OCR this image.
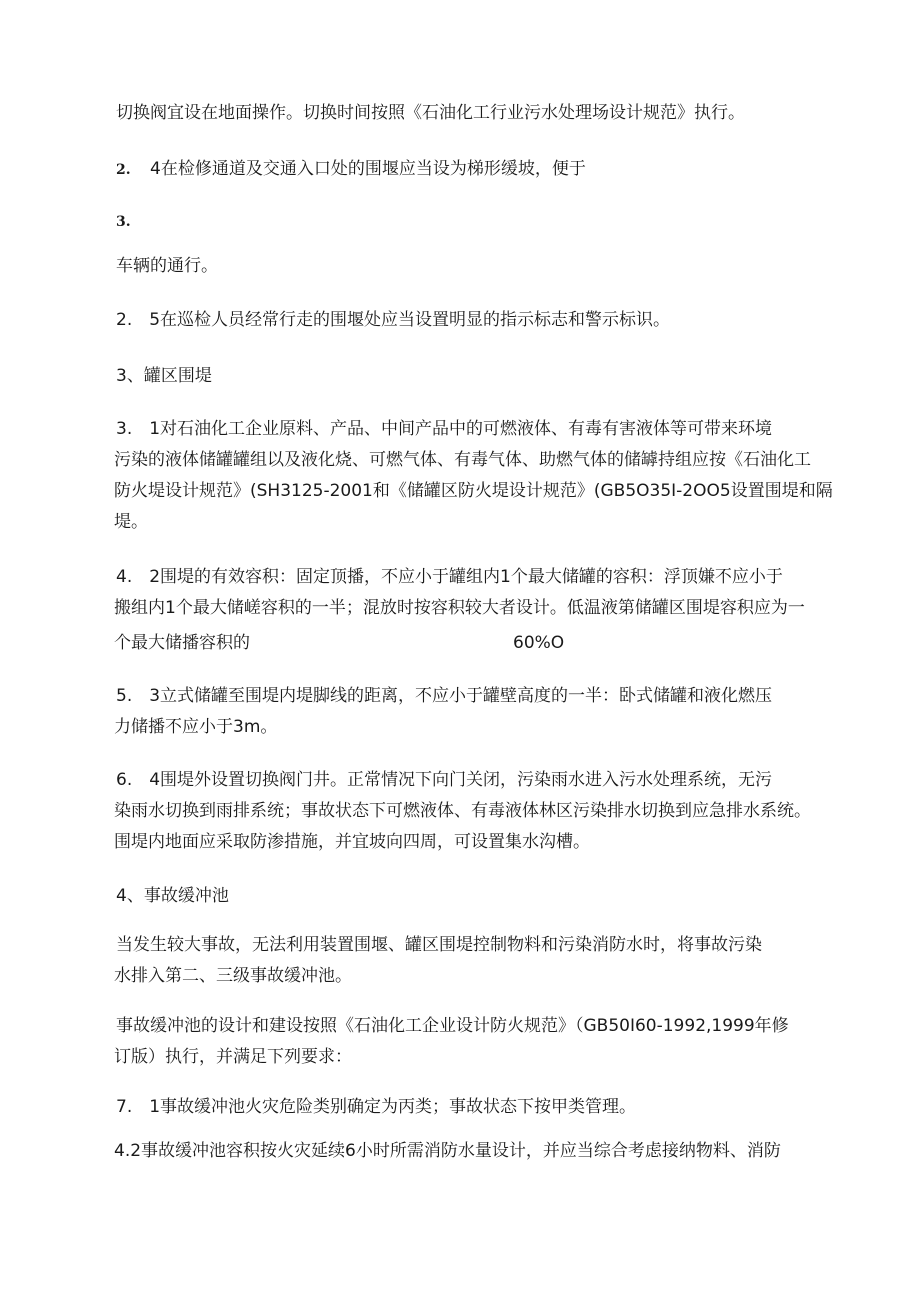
切换阀宜设在地面操作。切换时间按照《石油化工行业污水处理场设计规范》执行。
2. 4在检修通道及交通入口处的围堰应当设为梯形缓坡，便于
3.
车辆的通行。
2.　5在巡检人员经常行走的围堰处应当设置明显的指示标志和警示标识。
3、罐区围堤
3.　1对石油化工企业原料、产品、中间产品中的可燃液体、有毒有害液体等可带来环境
污染的液体储罐罐组以及液化烧、可燃气体、有毒气体、助燃气体的储罅持组应按《石油化工
防火堤设计规范》(SH3125-2001和《储罐区防火堤设计规范》(GB5O35I-2OO5设置围堤和隔
堤。
4.　2围堤的有效容积：固定顶播，不应小于罐组内1个最大储罐的容积：浮顶嫌不应小于
搬组内1个最大储嵯容积的一半；混放时按容积较大者设计。低温液第储罐区围堤容积应为一
个最大储播容积的	60%O
5.　3立式储罐至围堤内堤脚线的距离，不应小于罐壁高度的一半：卧式储罐和液化燃压
力储播不应小于3m。
6.　4围堤外设置切换阀门井。正常情况下向门关闭，污染雨水进入污水处理系统，无污
染雨水切换到雨排系统；事故状态下可燃液体、有毒液体林区污染排水切换到应急排水系统。
围堤内地面应采取防渗措施，并宜坡向四周，可设置集水沟槽。
4、事故缓冲池
当发生较大事故，无法利用装置围堰、罐区围堤控制物料和污染消防水时，将事故污染
水排入第二、三级事故缓冲池。
事故缓冲池的设计和建设按照《石油化工企业设计防火规范》（GB50I60-1992,1999年修
订版）执行，并满足下列要求：
7.　1事故缓冲池火灾危险类别确定为丙类；事故状态下按甲类管理。
4.2事故缓冲池容积按火灾延续6小时所需消防水量设计，并应当综合考虑接纳物料、消防
